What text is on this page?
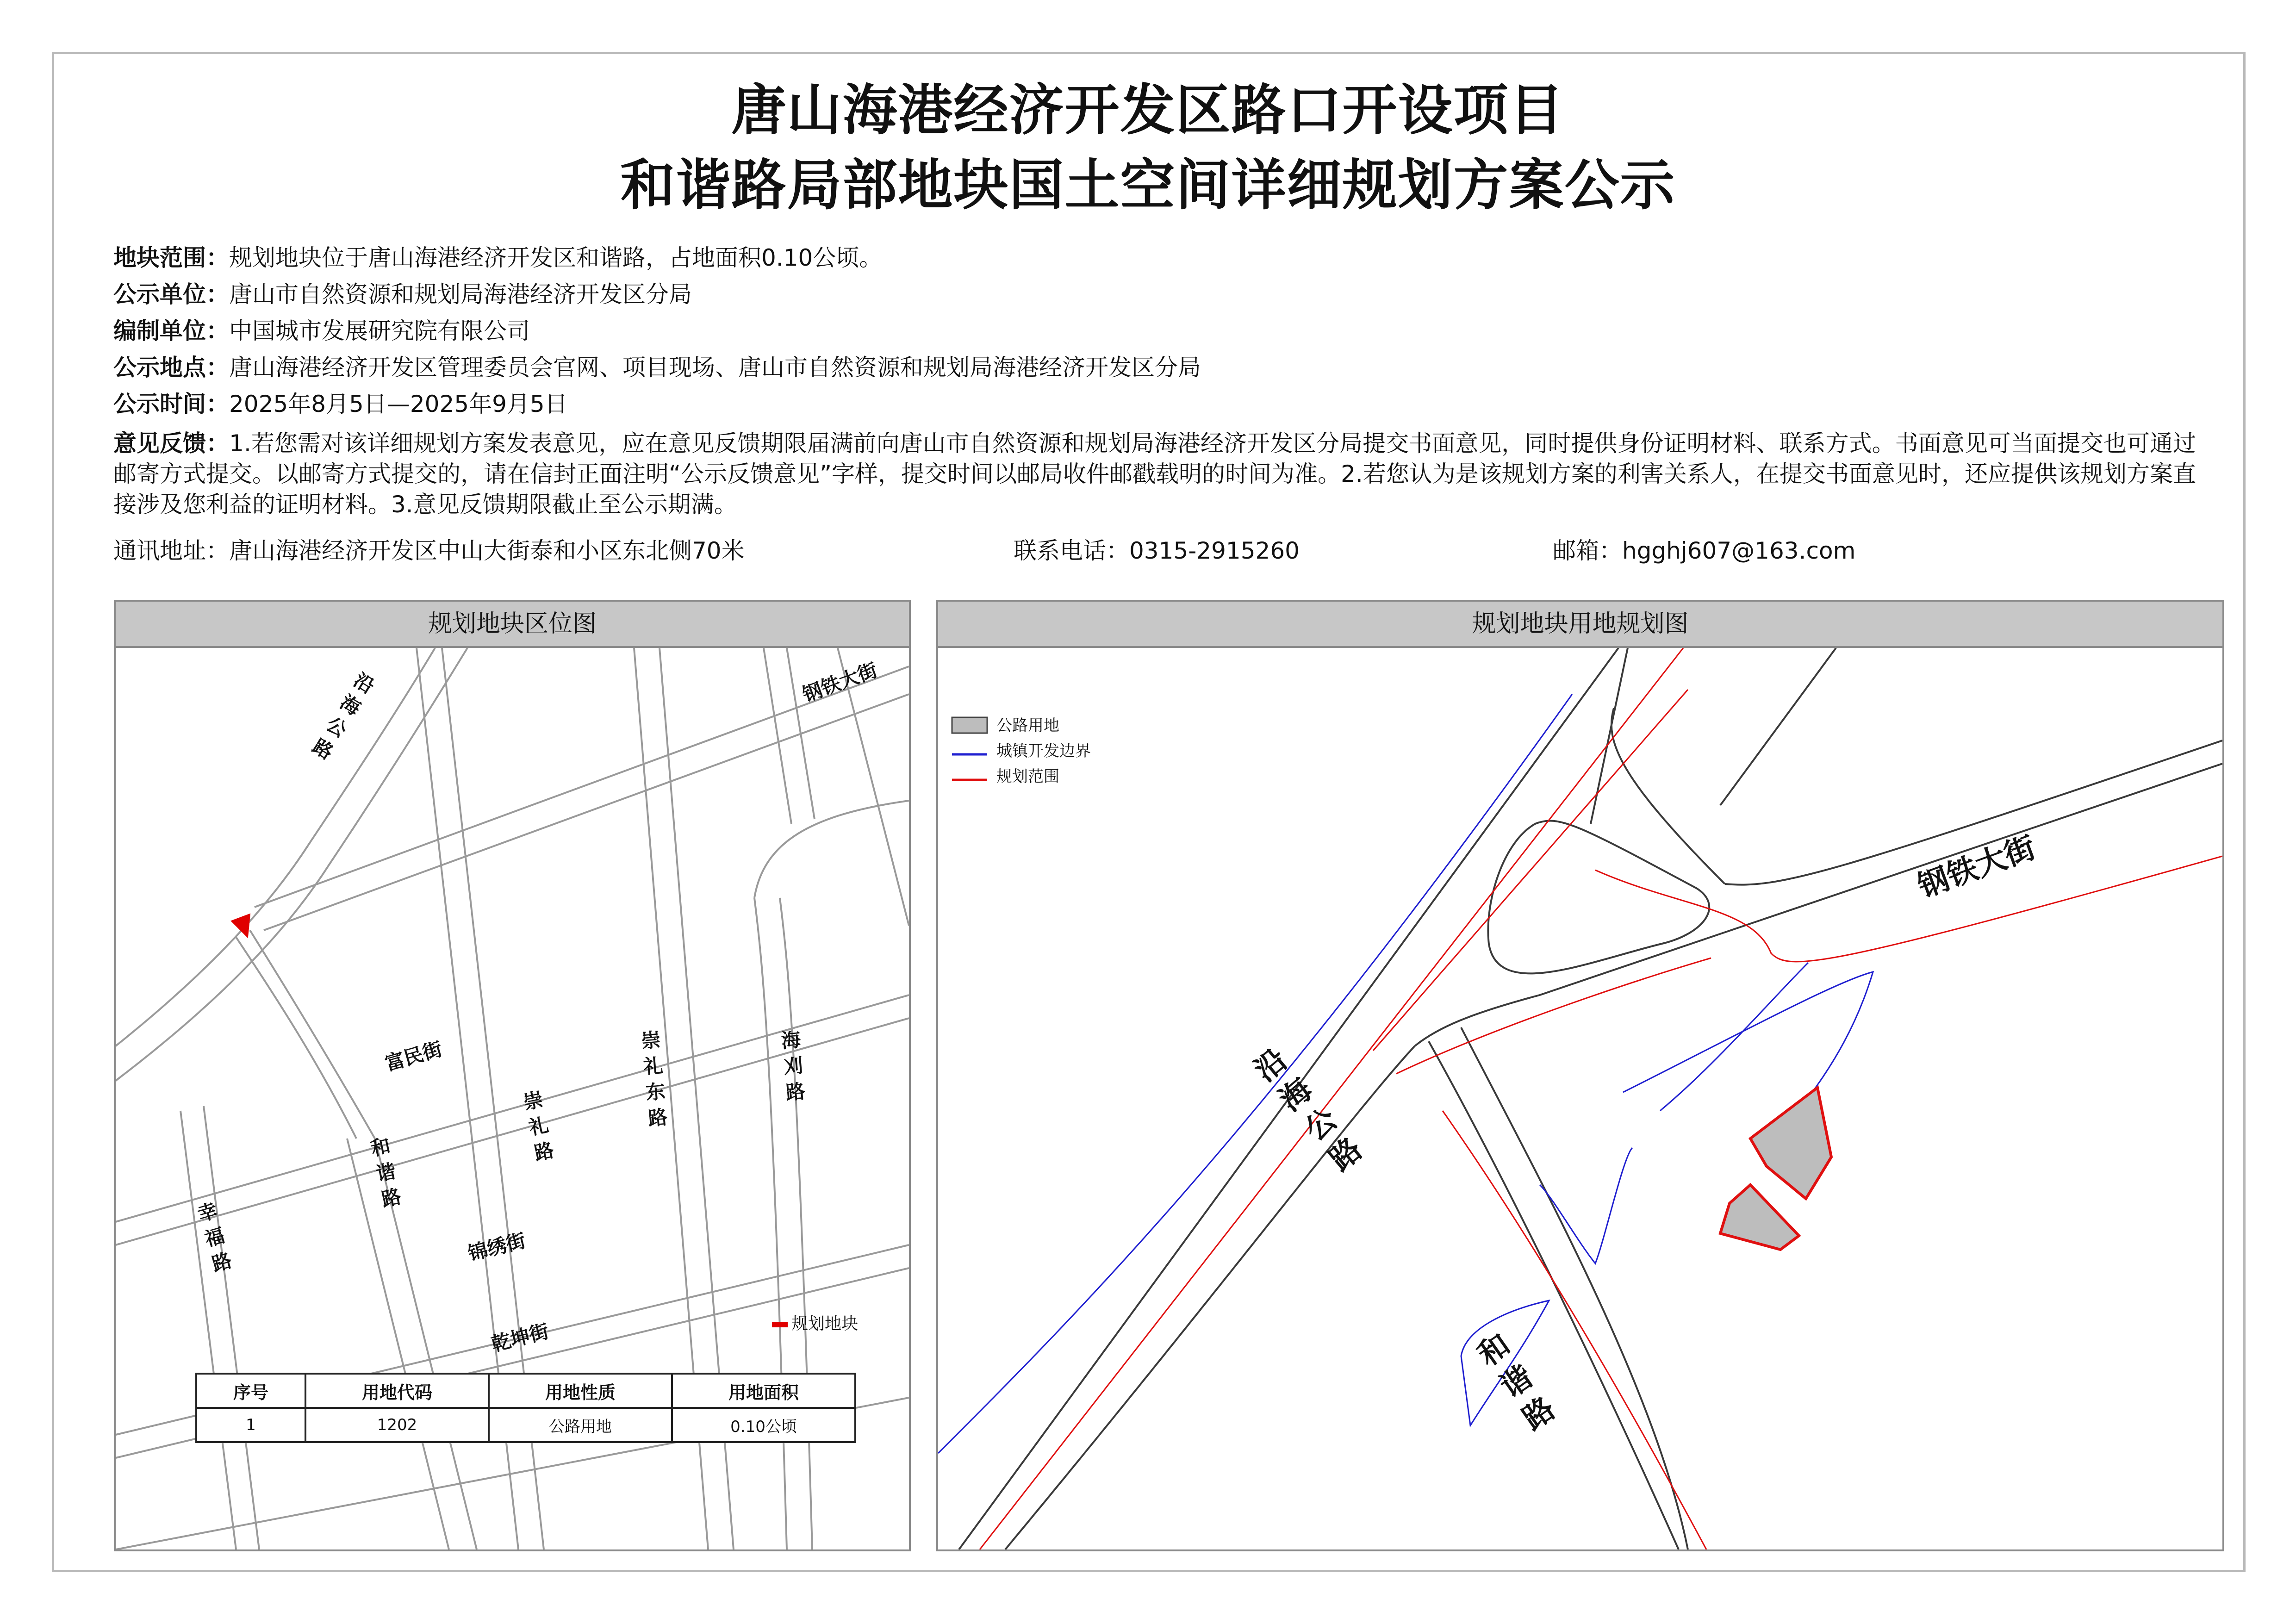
唐山海港经济开发区路口开设项目
和谐路局部地块国土空间详细规划方案公示
地块范围：规划地块位于唐山海港经济开发区和谐路，占地面积0.10公顷。
公示单位：唐山市自然资源和规划局海港经济开发区分局
编制单位：中国城市发展研究院有限公司
公示地点：唐山海港经济开发区管理委员会官网、项目现场、唐山市自然资源和规划局海港经济开发区分局
公示时间：2025年8月5日—2025年9月5日
意见反馈：1.若您需对该详细规划方案发表意见，应在意见反馈期限届满前向唐山市自然资源和规划局海港经济开发区分局提交书面意见，同时提供身份证明材料、联系方式。书面意见可当面提交也可通过邮寄方式提交。以邮寄方式提交的，请在信封正面注明“公示反馈意见”字样，提交时间以邮局收件邮戳载明的时间为准。2.若您认为是该规划方案的利害关系人，在提交书面意见时，还应提供该规划方案直接涉及您利益的证明材料。3.意见反馈期限截止至公示期满。
通讯地址：唐山海港经济开发区中山大街泰和小区东北侧70米	联系电话：0315-2915260	邮箱：hgghj607@163.com
规划地块区位图
沿海公路
钢铁大街
富民街
和谐路
崇礼路
崇礼东路
海刈路
幸福路	锦绣街
乾坤街	规划地块
序号	用地代码	用地性质	用地面积
1	1202	公路用地	0.10公顷
规划地块用地规划图
公路用地
城镇开发边界
规划范围
钢铁大街
沿海公路
和谐路
